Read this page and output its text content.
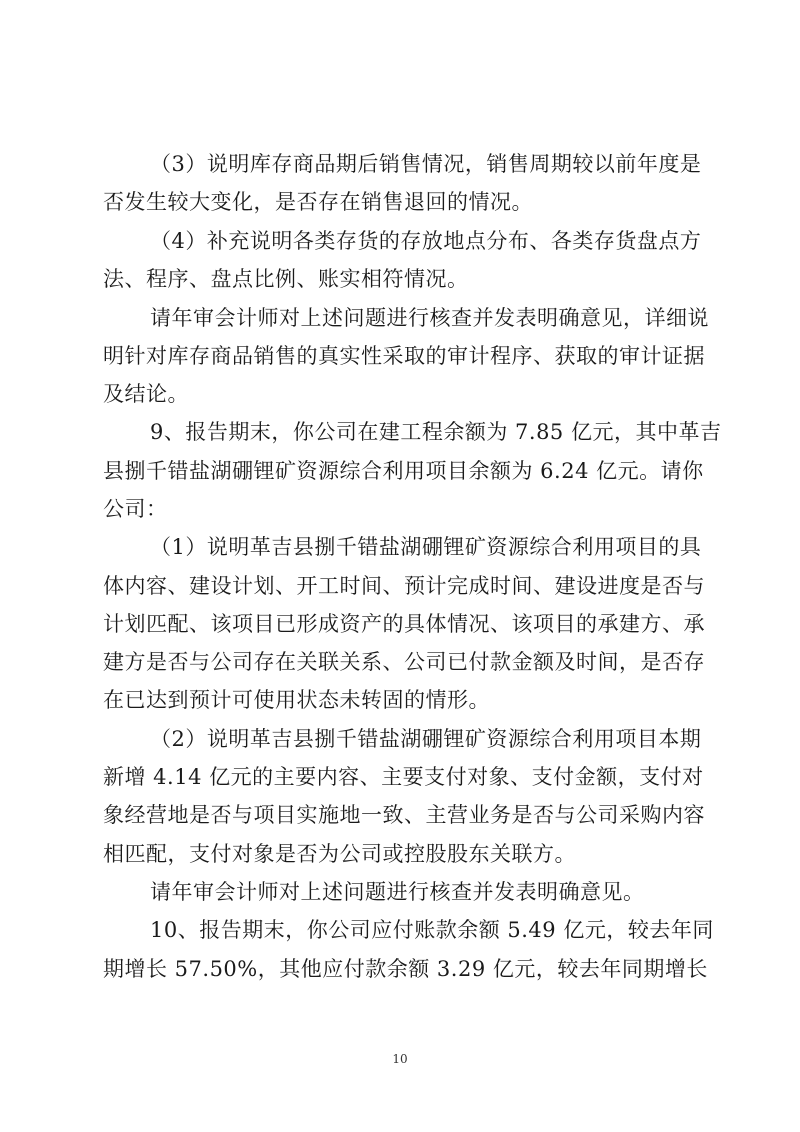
（3）说明库存商品期后销售情况，销售周期较以前年度是
否发生较大变化，是否存在销售退回的情况。
（4）补充说明各类存货的存放地点分布、各类存货盘点方
法、程序、盘点比例、账实相符情况。
请年审会计师对上述问题进行核查并发表明确意见，详细说
明针对库存商品销售的真实性采取的审计程序、获取的审计证据
及结论。
9、报告期末，你公司在建工程余额为 7.85 亿元，其中革吉
县捌千错盐湖硼锂矿资源综合利用项目余额为 6.24 亿元。请你
公司：
（1）说明革吉县捌千错盐湖硼锂矿资源综合利用项目的具
体内容、建设计划、开工时间、预计完成时间、建设进度是否与
计划匹配、该项目已形成资产的具体情况、该项目的承建方、承
建方是否与公司存在关联关系、公司已付款金额及时间，是否存
在已达到预计可使用状态未转固的情形。
（2）说明革吉县捌千错盐湖硼锂矿资源综合利用项目本期
新增 4.14 亿元的主要内容、主要支付对象、支付金额，支付对
象经营地是否与项目实施地一致、主营业务是否与公司采购内容
相匹配，支付对象是否为公司或控股股东关联方。
请年审会计师对上述问题进行核查并发表明确意见。
10、报告期末，你公司应付账款余额 5.49 亿元，较去年同
期增长 57.50%，其他应付款余额 3.29 亿元，较去年同期增长
10
